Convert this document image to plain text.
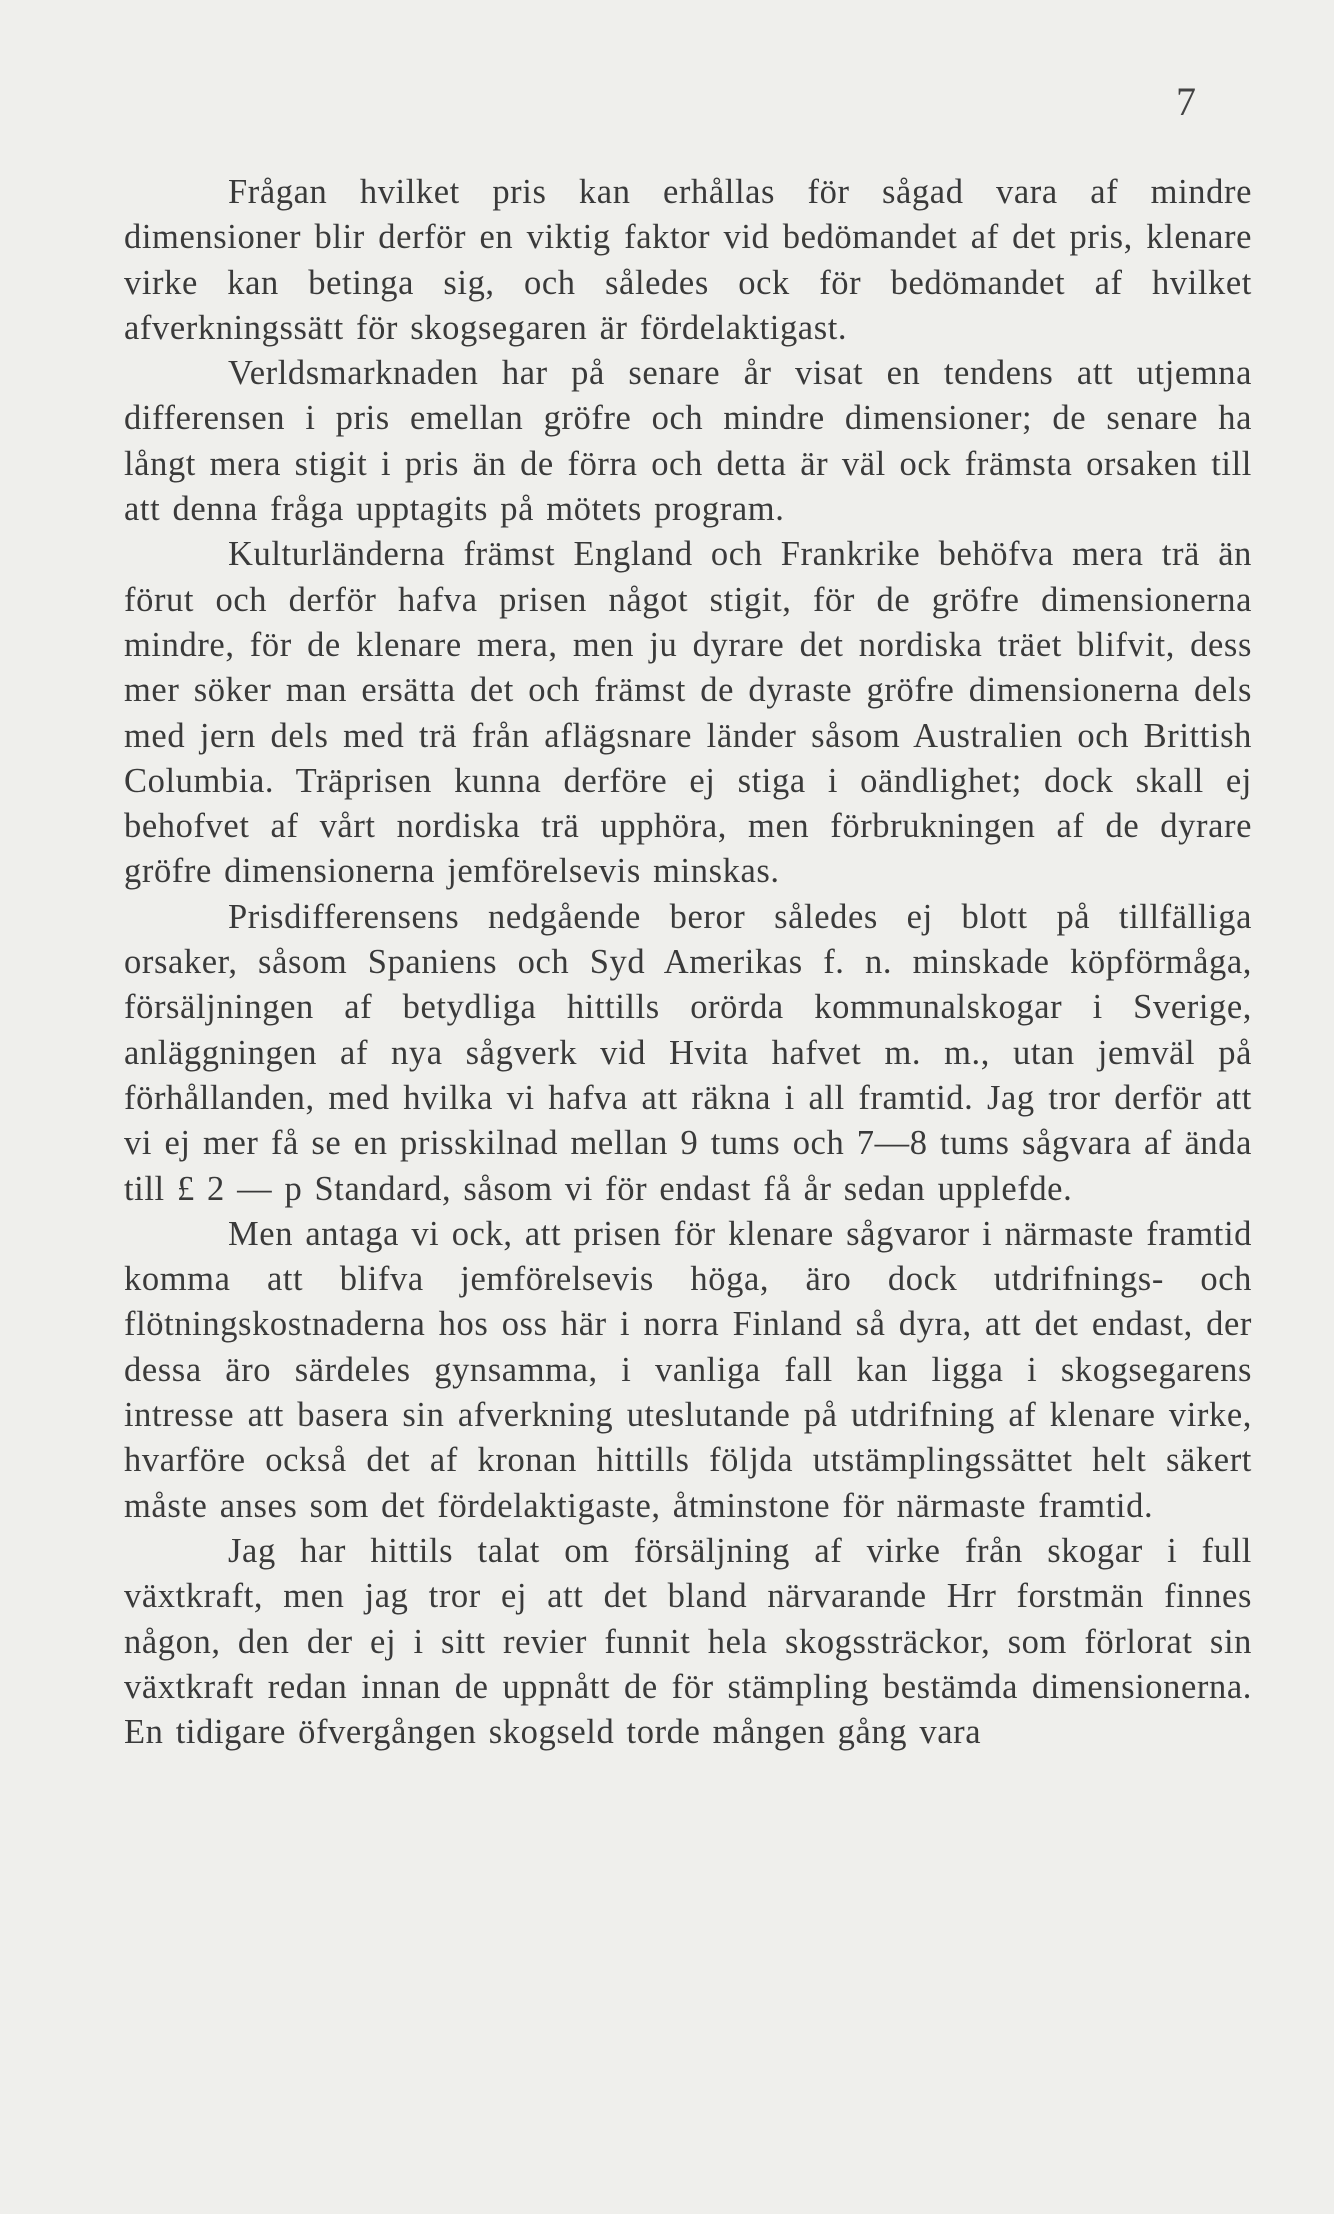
7

Frågan hvilket pris kan erhållas för sågad vara af mindre dimensioner blir derför en viktig faktor vid bedömandet af det pris, klenare virke kan betinga sig, och således ock för bedömandet af hvilket afverkningssätt för skogsegaren är fördelaktigast.

Verldsmarknaden har på senare år visat en tendens att utjemna differensen i pris emellan gröfre och mindre dimensioner; de senare ha långt mera stigit i pris än de förra och detta är väl ock främsta orsaken till att denna fråga upptagits på mötets program.

Kulturländerna främst England och Frankrike behöfva mera trä än förut och derför hafva prisen något stigit, för de gröfre dimensionerna mindre, för de klenare mera, men ju dyrare det nordiska träet blifvit, dess mer söker man ersätta det och främst de dyraste gröfre dimensionerna dels med jern dels med trä från aflägsnare länder såsom Australien och Brittish Columbia. Träprisen kunna derföre ej stiga i oändlighet; dock skall ej behofvet af vårt nordiska trä upphöra, men förbrukningen af de dyrare gröfre dimensionerna jemförelsevis minskas.

Prisdifferensens nedgående beror således ej blott på tillfälliga orsaker, såsom Spaniens och Syd Amerikas f. n. minskade köpförmåga, försäljningen af betydliga hittills orörda kommunalskogar i Sverige, anläggningen af nya sågverk vid Hvita hafvet m. m., utan jemväl på förhållanden, med hvilka vi hafva att räkna i all framtid. Jag tror derför att vi ej mer få se en prisskilnad mellan 9 tums och 7—8 tums sågvara af ända till £ 2 — p Standard, såsom vi för endast få år sedan upplefde.

Men antaga vi ock, att prisen för klenare sågvaror i närmaste framtid komma att blifva jemförelsevis höga, äro dock utdrifnings- och flötningskostnaderna hos oss här i norra Finland så dyra, att det endast, der dessa äro särdeles gynsamma, i vanliga fall kan ligga i skogsegarens intresse att basera sin afverkning uteslutande på utdrifning af klenare virke, hvarföre också det af kronan hittills följda utstämplingssättet helt säkert måste anses som det fördelaktigaste, åtminstone för närmaste framtid.

Jag har hittils talat om försäljning af virke från skogar i full växtkraft, men jag tror ej att det bland närvarande Hrr forstmän finnes någon, den der ej i sitt revier funnit hela skogssträckor, som förlorat sin växtkraft redan innan de uppnått de för stämpling bestämda dimensionerna. En tidigare öfvergången skogseld torde mången gång vara
